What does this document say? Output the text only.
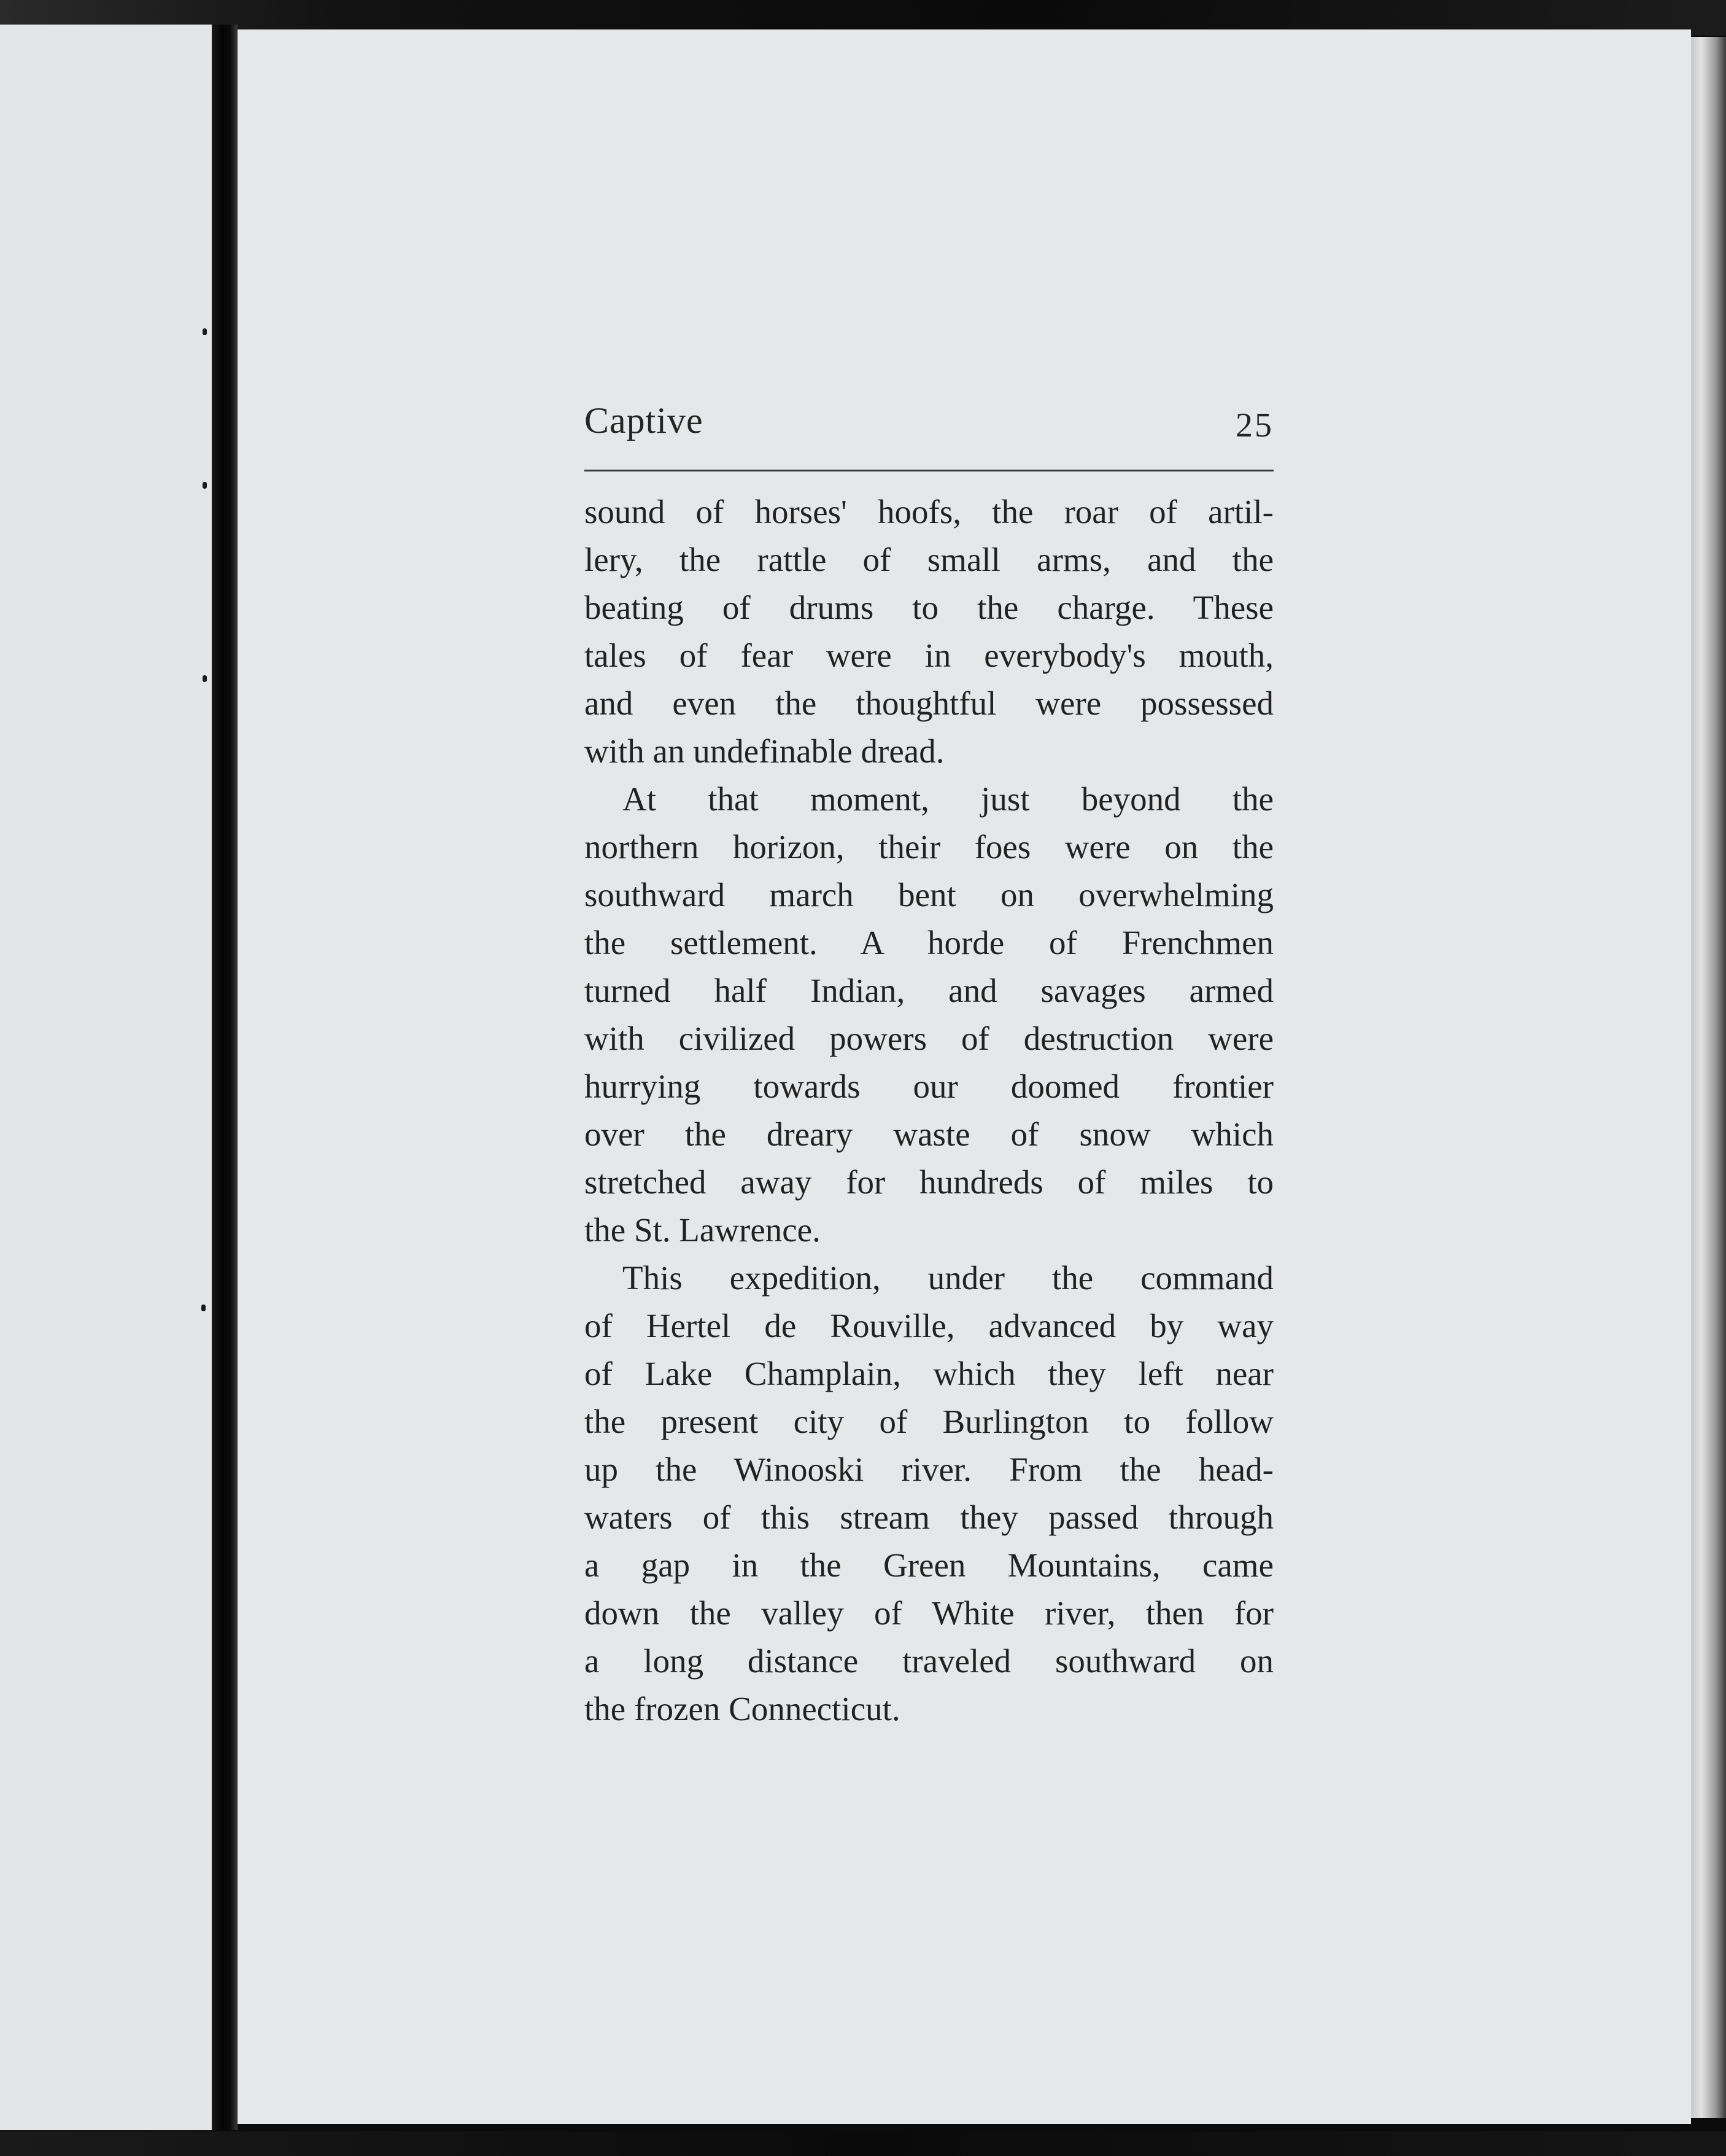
Captive	25

sound of horses' hoofs, the roar of artil-
lery, the rattle of small arms, and the
beating of drums to the charge. These
tales of fear were in everybody's mouth,
and even the thoughtful were possessed
with an undefinable dread.

At that moment, just beyond the
northern horizon, their foes were on the
southward march bent on overwhelming
the settlement. A horde of Frenchmen
turned half Indian, and savages armed
with civilized powers of destruction were
hurrying towards our doomed frontier
over the dreary waste of snow which
stretched away for hundreds of miles to
the St. Lawrence.

This expedition, under the command
of Hertel de Rouville, advanced by way
of Lake Champlain, which they left near
the present city of Burlington to follow
up the Winooski river. From the head-
waters of this stream they passed through
a gap in the Green Mountains, came
down the valley of White river, then for
a long distance traveled southward on
the frozen Connecticut.
